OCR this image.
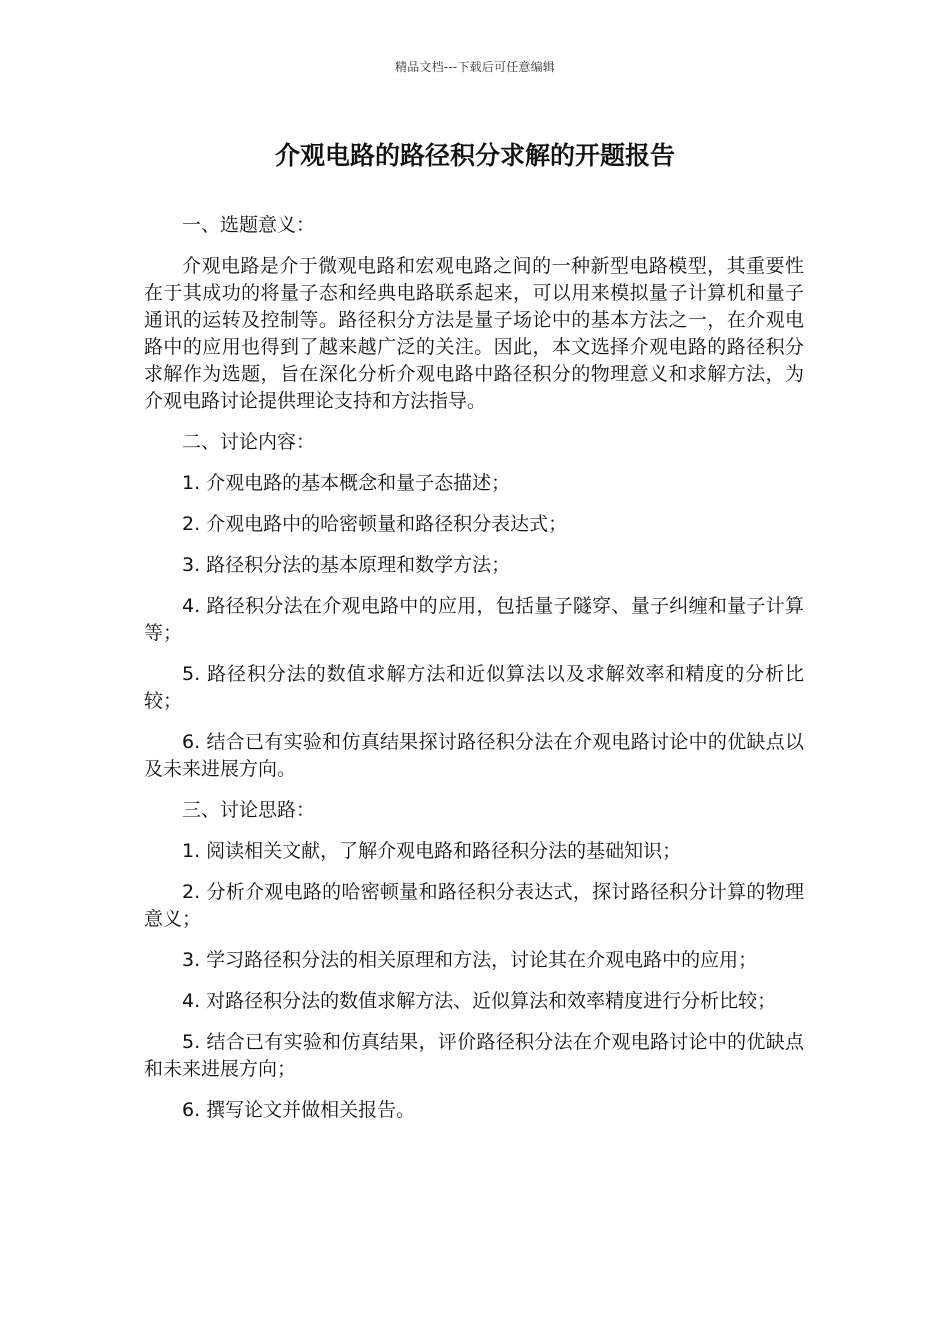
精品文档---下载后可任意编辑
介观电路的路径积分求解的开题报告

一、选题意义：

介观电路是介于微观电路和宏观电路之间的一种新型电路模型，其重要性在于其成功的将量子态和经典电路联系起来，可以用来模拟量子计算机和量子通讯的运转及控制等。路径积分方法是量子场论中的基本方法之一，在介观电路中的应用也得到了越来越广泛的关注。因此，本文选择介观电路的路径积分求解作为选题，旨在深化分析介观电路中路径积分的物理意义和求解方法，为介观电路讨论提供理论支持和方法指导。

二、讨论内容：

1. 介观电路的基本概念和量子态描述；

2. 介观电路中的哈密顿量和路径积分表达式；

3. 路径积分法的基本原理和数学方法；

4. 路径积分法在介观电路中的应用，包括量子隧穿、量子纠缠和量子计算等；

5. 路径积分法的数值求解方法和近似算法以及求解效率和精度的分析比较；

6. 结合已有实验和仿真结果探讨路径积分法在介观电路讨论中的优缺点以及未来进展方向。

三、讨论思路：

1. 阅读相关文献，了解介观电路和路径积分法的基础知识；

2. 分析介观电路的哈密顿量和路径积分表达式，探讨路径积分计算的物理意义；

3. 学习路径积分法的相关原理和方法，讨论其在介观电路中的应用；

4. 对路径积分法的数值求解方法、近似算法和效率精度进行分析比较；

5. 结合已有实验和仿真结果，评价路径积分法在介观电路讨论中的优缺点和未来进展方向；

6. 撰写论文并做相关报告。
